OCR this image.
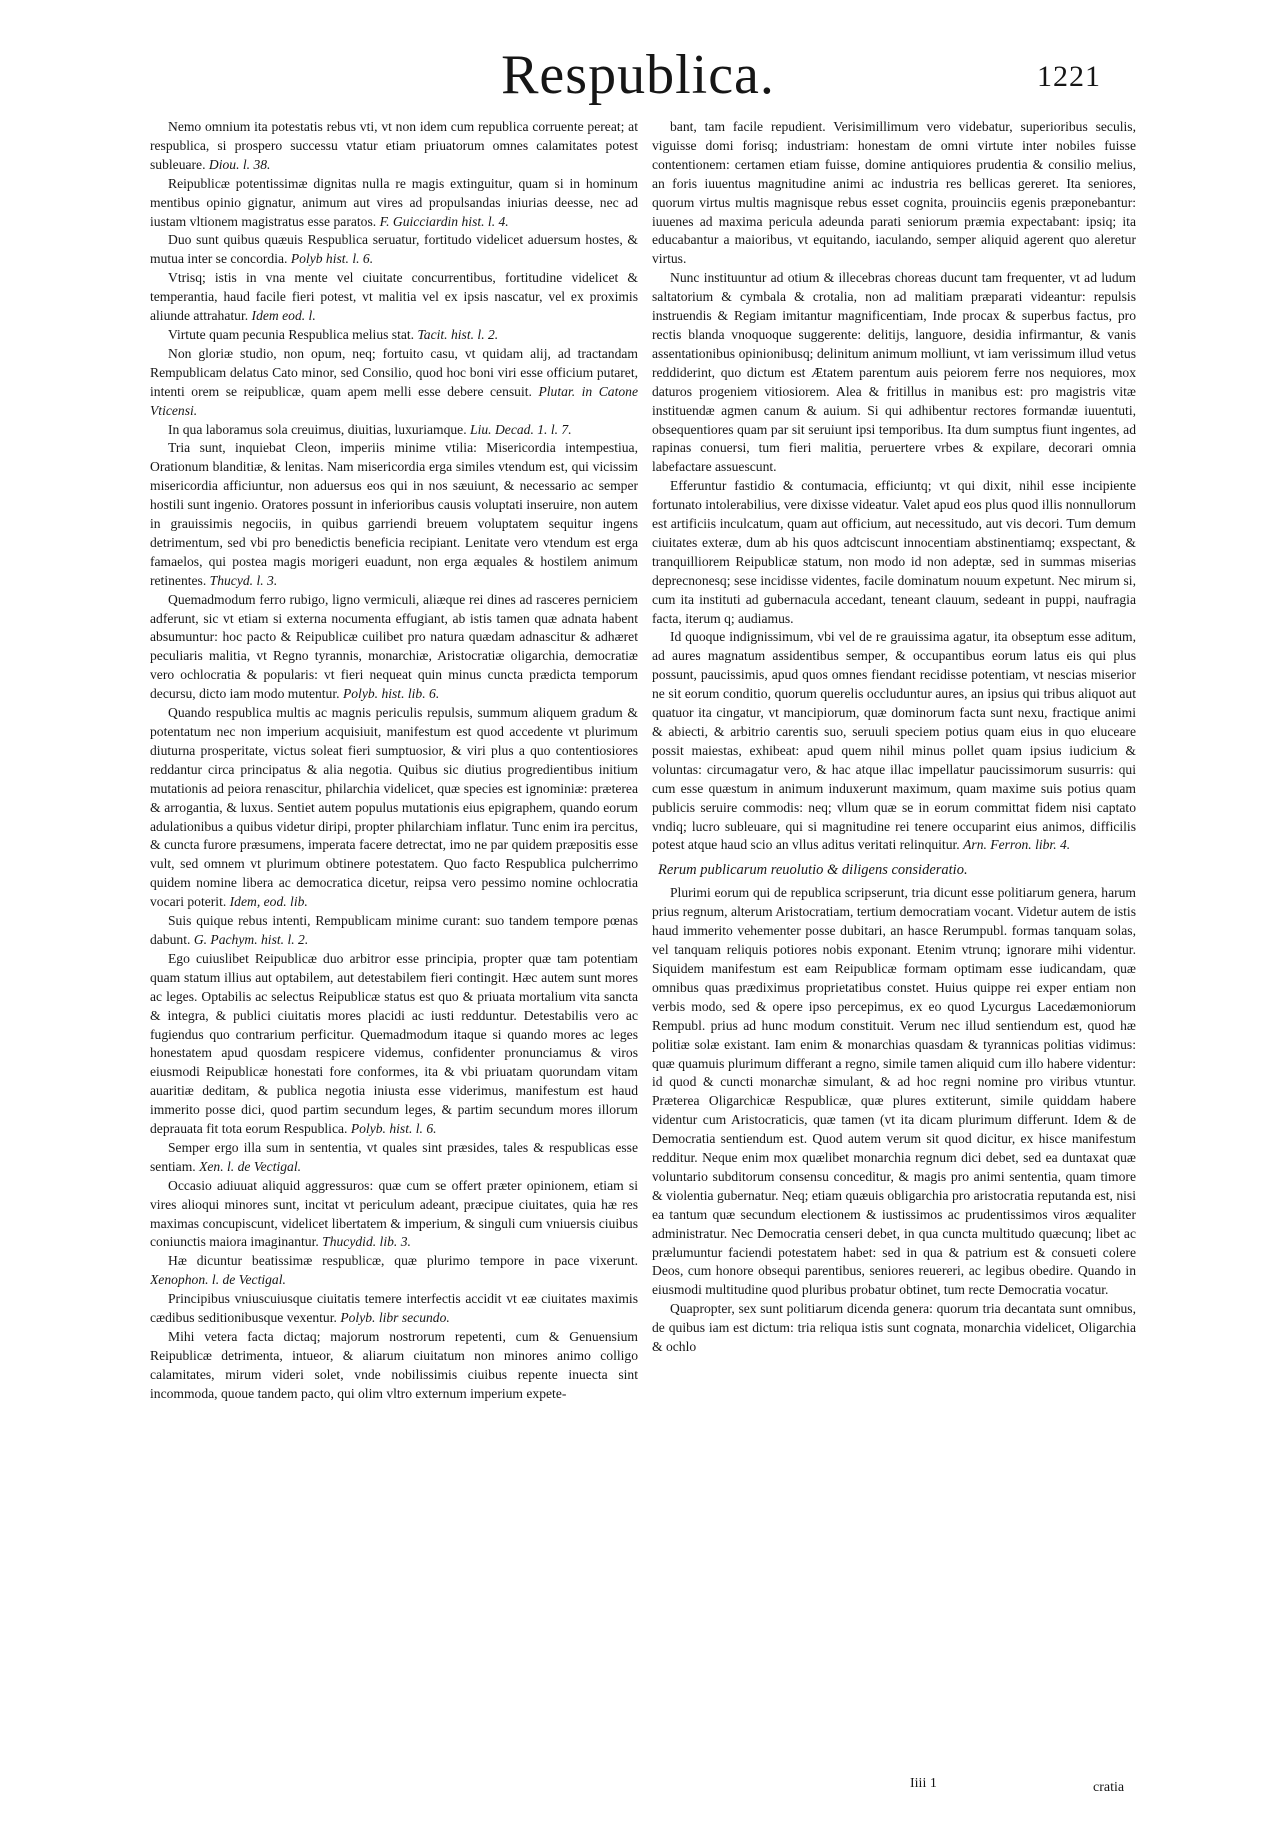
Respublica.	1221

Nemo omnium ita potestatis rebus vti, vt non idem cum republica corruente pereat; at respublica, si prospero successu vtatur etiam priuatorum omnes calamitates potest subleuare. Diou. l. 38.

Reipublicæ potentissimæ dignitas nulla re magis extinguitur, quam si in hominum mentibus opinio gignatur, animum aut vires ad propulsandas iniurias deesse, nec ad iustam vltionem magistratus esse paratos. F. Guicciardin hist. l. 4.

Duo sunt quibus quæuis Respublica seruatur, fortitudo videlicet aduersum hostes, & mutua inter se concordia. Polyb hist. l. 6.

Vtrisq; istis in vna mente vel ciuitate concurrentibus, fortitudine videlicet & temperantia, haud facile fieri potest, vt malitia vel ex ipsis nascatur, vel ex proximis aliunde attrahatur. Idem eod. l.

Virtute quam pecunia Respublica melius stat. Tacit. hist. l. 2.

Non gloriæ studio, non opum, neq; fortuito casu, vt quidam alij, ad tractandam Rempublicam delatus Cato minor, sed Consilio, quod hoc boni viri esse officium putaret, intenti orem se reipublicæ, quam apem melli esse debere censuit. Plutar. in Catone Vticensi.

In qua laboramus sola creuimus, diuitias, luxuriamque. Liu. Decad. 1. l. 7.

Tria sunt, inquiebat Cleon, imperiis minime vtilia: Misericordia intempestiua, Orationum blanditiæ, & lenitas. Nam misericordia erga similes vtendum est, qui vicissim misericordia afficiuntur, non aduersus eos qui in nos sæuiunt, & necessario ac semper hostili sunt ingenio. Oratores possunt in inferioribus causis voluptati inseruire, non autem in grauissimis negociis, in quibus garriendi breuem voluptatem sequitur ingens detrimentum, sed vbi pro benedictis beneficia recipiant. Lenitate vero vtendum est erga famaelos, qui postea magis morigeri euadunt, non erga æquales & hostilem animum retinentes. Thucyd. l. 3.

Quemadmodum ferro rubigo, ligno vermiculi, aliæque rei dines ad rasceres perniciem adferunt, sic vt etiam si externa nocumenta effugiant, ab istis tamen quæ adnata habent absumuntur: hoc pacto & Reipublicæ cuilibet pro natura quædam adnascitur & adhæret peculiaris malitia, vt Regno tyrannis, monarchiæ, Aristocratiæ oligarchia, democratiæ vero ochlocratia & popularis: vt fieri nequeat quin minus cuncta prædicta temporum decursu, dicto iam modo mutentur. Polyb. hist. lib. 6.

Quando respublica multis ac magnis periculis repulsis, summum aliquem gradum & potentatum nec non imperium acquisiuit, manifestum est quod accedente vt plurimum diuturna prosperitate, victus soleat fieri sumptuosior, & viri plus a quo contentiosiores reddantur circa principatus & alia negotia. Quibus sic diutius progredientibus initium mutationis ad peiora renascitur, philarchia videlicet, quæ species est ignominiæ: præterea & arrogantia, & luxus. Sentiet autem populus mutationis eius epigraphem, quando eorum adulationibus a quibus videtur diripi, propter philarchiam inflatur. Tunc enim ira percitus, & cuncta furore præsumens, imperata facere detrectat, imo ne par quidem præpositis esse vult, sed omnem vt plurimum obtinere potestatem. Quo facto Respublica pulcherrimo quidem nomine libera ac democratica dicetur, reipsa vero pessimo nomine ochlocratia vocari poterit. Idem, eod. lib.

Suis quique rebus intenti, Rempublicam minime curant: suo tandem tempore pœnas dabunt. G. Pachym. hist. l. 2.

Ego cuiuslibet Reipublicæ duo arbitror esse principia, propter quæ tam potentiam quam statum illius aut optabilem, aut detestabilem fieri contingit. Hæc autem sunt mores ac leges. Optabilis ac selectus Reipublicæ status est quo & priuata mortalium vita sancta & integra, & publici ciuitatis mores placidi ac iusti redduntur. Detestabilis vero ac fugiendus quo contrarium perficitur. Quemadmodum itaque si quando mores ac leges honestatem apud quosdam respicere videmus, confidenter pronunciamus & viros eiusmodi Reipublicæ honestati fore conformes, ita & vbi priuatam quorundam vitam auaritiæ deditam, & publica negotia iniusta esse viderimus, manifestum est haud immerito posse dici, quod partim secundum leges, & partim secundum mores illorum deprauata fit tota eorum Respublica. Polyb. hist. l. 6.

Semper ergo illa sum in sententia, vt quales sint præsides, tales & respublicas esse sentiam. Xen. l. de Vectigal.

Occasio adiuuat aliquid aggressuros: quæ cum se offert præter opinionem, etiam si vires alioqui minores sunt, incitat vt periculum adeant, præcipue ciuitates, quia hæ res maximas concupiscunt, videlicet libertatem & imperium, & singuli cum vniuersis ciuibus coniunctis maiora imaginantur. Thucydid. lib. 3.

Hæ dicuntur beatissimæ respublicæ, quæ plurimo tempore in pace vixerunt. Xenophon. l. de Vectigal.

Principibus vniuscuiusque ciuitatis temere interfectis accidit vt eæ ciuitates maximis cædibus seditionibusque vexentur. Polyb. libr secundo.

Mihi vetera facta dictaq; majorum nostrorum repetenti, cum & Genuensium Reipublicæ detrimenta, intueor, & aliarum ciuitatum non minores animo colligo calamitates, mirum videri solet, vnde nobilissimis ciuibus repente inuecta sint incommoda, quoue tandem pacto, qui olim vltro externum imperium expete-

bant, tam facile repudient. Verisimillimum vero videbatur, superioribus seculis, viguisse domi forisq; industriam: honestam de omni virtute inter nobiles fuisse contentionem: certamen etiam fuisse, domine antiquiores prudentia & consilio melius, an foris iuuentus magnitudine animi ac industria res bellicas gereret. Ita seniores, quorum virtus multis magnisque rebus esset cognita, prouinciis egenis præponebantur: iuuenes ad maxima pericula adeunda parati seniorum præmia expectabant: ipsiq; ita educabantur a maioribus, vt equitando, iaculando, semper aliquid agerent quo aleretur virtus.

Nunc instituuntur ad otium & illecebras choreas ducunt tam frequenter, vt ad ludum saltatorium & cymbala & crotalia, non ad malitiam præparati videantur: repulsis instruendis & Regiam imitantur magnificentiam, Inde procax & superbus factus, pro rectis blanda vnoquoque suggerente: delitijs, languore, desidia infirmantur, & vanis assentationibus opinionibusq; delinitum animum molliunt, vt iam verissimum illud vetus reddiderint, quo dictum est Ætatem parentum auis peiorem ferre nos nequiores, mox daturos progeniem vitiosiorem. Alea & fritillus in manibus est: pro magistris vitæ instituendæ agmen canum & auium. Si qui adhibentur rectores formandæ iuuentuti, obsequentiores quam par sit seruiunt ipsi temporibus. Ita dum sumptus fiunt ingentes, ad rapinas conuersi, tum fieri malitia, peruertere vrbes & expilare, decorari omnia labefactare assuescunt.

Efferuntur fastidio & contumacia, efficiuntq; vt qui dixit, nihil esse incipiente fortunato intolerabilius, vere dixisse videatur. Valet apud eos plus quod illis nonnullorum est artificiis inculcatum, quam aut officium, aut necessitudo, aut vis decori. Tum demum ciuitates exteræ, dum ab his quos adtciscunt innocentiam abstinentiamq; exspectant, & tranquilliorem Reipublicæ statum, non modo id non adeptæ, sed in summas miserias deprecnonesq; sese incidisse videntes, facile dominatum nouum expetunt. Nec mirum si, cum ita instituti ad gubernacula accedant, teneant clauum, sedeant in puppi, naufragia facta, iterum q; audiamus.

Id quoque indignissimum, vbi vel de re grauissima agatur, ita obseptum esse aditum, ad aures magnatum assidentibus semper, & occupantibus eorum latus eis qui plus possunt, paucissimis, apud quos omnes fiendant recidisse potentiam, vt nescias miserior ne sit eorum conditio, quorum querelis occluduntur aures, an ipsius qui tribus aliquot aut quatuor ita cingatur, vt mancipiorum, quæ dominorum facta sunt nexu, fractique animi & abiecti, & arbitrio carentis suo, seruuli speciem potius quam eius in quo eluceare possit maiestas, exhibeat: apud quem nihil minus pollet quam ipsius iudicium & voluntas: circumagatur vero, & hac atque illac impellatur paucissimorum susurris: qui cum esse quæstum in animum induxerunt maximum, quam maxime suis potius quam publicis seruire commodis: neq; vllum quæ se in eorum committat fidem nisi captato vndiq; lucro subleuare, qui si magnitudine rei tenere occuparint eius animos, difficilis potest atque haud scio an vllus aditus veritati relinquitur. Arn. Ferron. libr. 4.

Rerum publicarum reuolutio & diligens consideratio.

Plurimi eorum qui de republica scripserunt, tria dicunt esse politiarum genera, harum prius regnum, alterum Aristocratiam, tertium democratiam vocant. Videtur autem de istis haud immerito vehementer posse dubitari, an hasce Rerumpubl. formas tanquam solas, vel tanquam reliquis potiores nobis exponant. Etenim vtrunq; ignorare mihi videntur. Siquidem manifestum est eam Reipublicæ formam optimam esse iudicandam, quæ omnibus quas prædiximus proprietatibus constet. Huius quippe rei exper entiam non verbis modo, sed & opere ipso percepimus, ex eo quod Lycurgus Lacedæmoniorum Rempubl. prius ad hunc modum constituit. Verum nec illud sentiendum est, quod hæ politiæ solæ existant. Iam enim & monarchias quasdam & tyrannicas politias vidimus: quæ quamuis plurimum differant a regno, simile tamen aliquid cum illo habere videntur: id quod & cuncti monarchæ simulant, & ad hoc regni nomine pro viribus vtuntur. Præterea Oligarchicæ Respublicæ, quæ plures extiterunt, simile quiddam habere videntur cum Aristocraticis, quæ tamen (vt ita dicam plurimum differunt. Idem & de Democratia sentiendum est. Quod autem verum sit quod dicitur, ex hisce manifestum redditur. Neque enim mox quælibet monarchia regnum dici debet, sed ea duntaxat quæ voluntario subditorum consensu conceditur, & magis pro animi sententia, quam timore & violentia gubernatur. Neq; etiam quæuis obligarchia pro aristocratia reputanda est, nisi ea tantum quæ secundum electionem & iustissimos ac prudentissimos viros æqualiter administratur. Nec Democratia censeri debet, in qua cuncta multitudo quæcunq; libet ac prælumuntur faciendi potestatem habet: sed in qua & patrium est & consueti colere Deos, cum honore obsequi parentibus, seniores reuereri, ac legibus obedire. Quando in eiusmodi multitudine quod pluribus probatur obtinet, tum recte Democratia vocatur.

Quapropter, sex sunt politiarum dicenda genera: quorum tria decantata sunt omnibus, de quibus iam est dictum: tria reliqua istis sunt cognata, monarchia videlicet, Oligarchia & ochlo

Iiii 1	cratia
